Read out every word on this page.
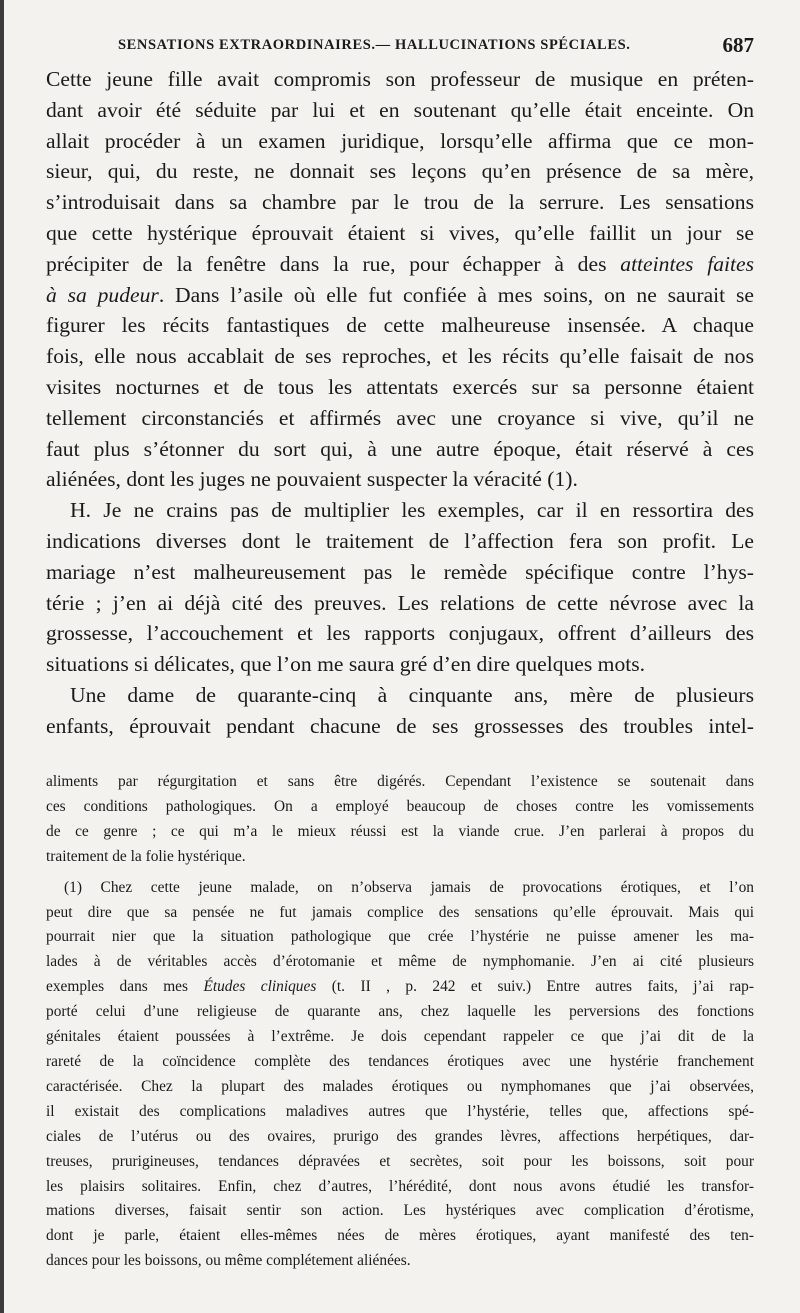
SENSATIONS EXTRAORDINAIRES.— HALLUCINATIONS SPÉCIALES.	687

Cette jeune fille avait compromis son professeur de musique en préten-

dant avoir été séduite par lui et en soutenant qu’elle était enceinte. On

allait procéder à un examen juridique, lorsqu’elle affirma que ce mon-

sieur, qui, du reste, ne donnait ses leçons qu’en présence de sa mère,

s’introduisait dans sa chambre par le trou de la serrure. Les sensations

que cette hystérique éprouvait étaient si vives, qu’elle faillit un jour se

précipiter de la fenêtre dans la rue, pour échapper à des atteintes faites

à sa pudeur. Dans l’asile où elle fut confiée à mes soins, on ne saurait se

figurer les récits fantastiques de cette malheureuse insensée. A chaque

fois, elle nous accablait de ses reproches, et les récits qu’elle faisait de nos

visites nocturnes et de tous les attentats exercés sur sa personne étaient

tellement circonstanciés et affirmés avec une croyance si vive, qu’il ne

faut plus s’étonner du sort qui, à une autre époque, était réservé à ces

aliénées, dont les juges ne pouvaient suspecter la véracité (1).

H. Je ne crains pas de multiplier les exemples, car il en ressortira des

indications diverses dont le traitement de l’affection fera son profit. Le

mariage n’est malheureusement pas le remède spécifique contre l’hys-

térie ; j’en ai déjà cité des preuves. Les relations de cette névrose avec la

grossesse, l’accouchement et les rapports conjugaux, offrent d’ailleurs des

situations si délicates, que l’on me saura gré d’en dire quelques mots.

Une dame de quarante-cinq à cinquante ans, mère de plusieurs

enfants, éprouvait pendant chacune de ses grossesses des troubles intel-

aliments par régurgitation et sans être digérés. Cependant l’existence se soutenait dans

ces conditions pathologiques. On a employé beaucoup de choses contre les vomissements

de ce genre ; ce qui m’a le mieux réussi est la viande crue. J’en parlerai à propos du

traitement de la folie hystérique.

(1) Chez cette jeune malade, on n’observa jamais de provocations érotiques, et l’on

peut dire que sa pensée ne fut jamais complice des sensations qu’elle éprouvait. Mais qui

pourrait nier que la situation pathologique que crée l’hystérie ne puisse amener les ma-

lades à de véritables accès d’érotomanie et même de nymphomanie. J’en ai cité plusieurs

exemples dans mes Études cliniques (t. II , p. 242 et suiv.) Entre autres faits, j’ai rap-

porté celui d’une religieuse de quarante ans, chez laquelle les perversions des fonctions

génitales étaient poussées à l’extrême. Je dois cependant rappeler ce que j’ai dit de la

rareté de la coïncidence complète des tendances érotiques avec une hystérie franchement

caractérisée. Chez la plupart des malades érotiques ou nymphomanes que j’ai observées,

il existait des complications maladives autres que l’hystérie, telles que, affections spé-

ciales de l’utérus ou des ovaires, prurigo des grandes lèvres, affections herpétiques, dar-

treuses, prurigineuses, tendances dépravées et secrètes, soit pour les boissons, soit pour

les plaisirs solitaires. Enfin, chez d’autres, l’hérédité, dont nous avons étudié les transfor-

mations diverses, faisait sentir son action. Les hystériques avec complication d’érotisme,

dont je parle, étaient elles-mêmes nées de mères érotiques, ayant manifesté des ten-

dances pour les boissons, ou même complétement aliénées.
